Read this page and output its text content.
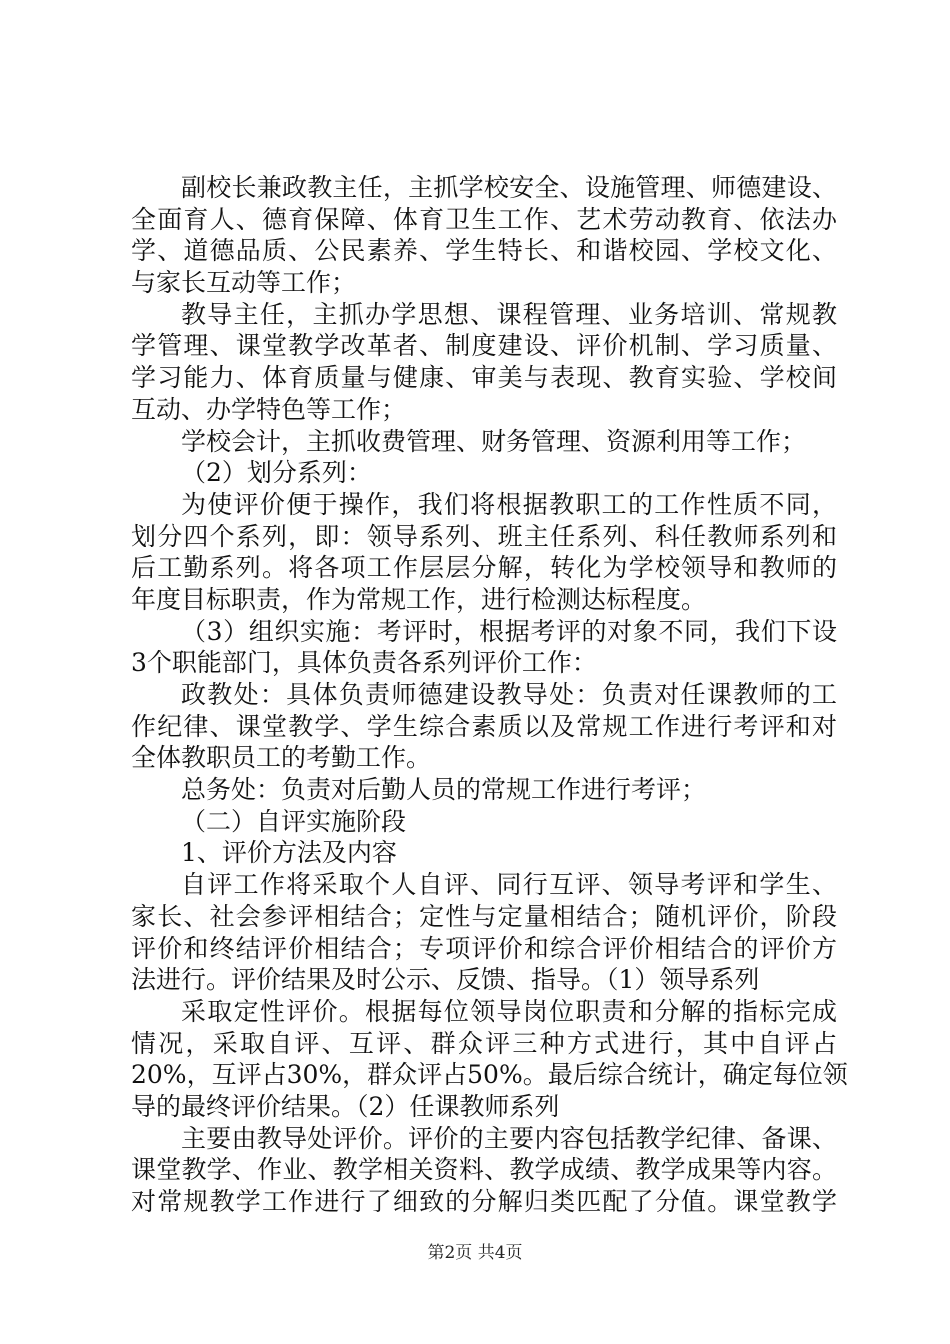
副校长兼政教主任，主抓学校安全、设施管理、师德建设、
全面育人、德育保障、体育卫生工作、艺术劳动教育、依法办
学、道德品质、公民素养、学生特长、和谐校园、学校文化、
与家长互动等工作；
教导主任，主抓办学思想、课程管理、业务培训、常规教
学管理、课堂教学改革者、制度建设、评价机制、学习质量、
学习能力、体育质量与健康、审美与表现、教育实验、学校间
互动、办学特色等工作；
学校会计，主抓收费管理、财务管理、资源利用等工作；
（2）划分系列：
为使评价便于操作，我们将根据教职工的工作性质不同，
划分四个系列，即：领导系列、班主任系列、科任教师系列和
后工勤系列。将各项工作层层分解，转化为学校领导和教师的
年度目标职责，作为常规工作，进行检测达标程度。
（3）组织实施：考评时，根据考评的对象不同，我们下设
3个职能部门，具体负责各系列评价工作：
政教处：具体负责师德建设教导处：负责对任课教师的工
作纪律、课堂教学、学生综合素质以及常规工作进行考评和对
全体教职员工的考勤工作。
总务处：负责对后勤人员的常规工作进行考评；
（二）自评实施阶段
1、评价方法及内容
自评工作将采取个人自评、同行互评、领导考评和学生、
家长、社会参评相结合；定性与定量相结合；随机评价，阶段
评价和终结评价相结合；专项评价和综合评价相结合的评价方
法进行。评价结果及时公示、反馈、指导。（1）领导系列
采取定性评价。根据每位领导岗位职责和分解的指标完成
情况，采取自评、互评、群众评三种方式进行，其中自评占
20%，互评占30%，群众评占50%。最后综合统计，确定每位领
导的最终评价结果。（2）任课教师系列
主要由教导处评价。评价的主要内容包括教学纪律、备课、
课堂教学、作业、教学相关资料、教学成绩、教学成果等内容。
对常规教学工作进行了细致的分解归类匹配了分值。课堂教学
第2页 共4页
